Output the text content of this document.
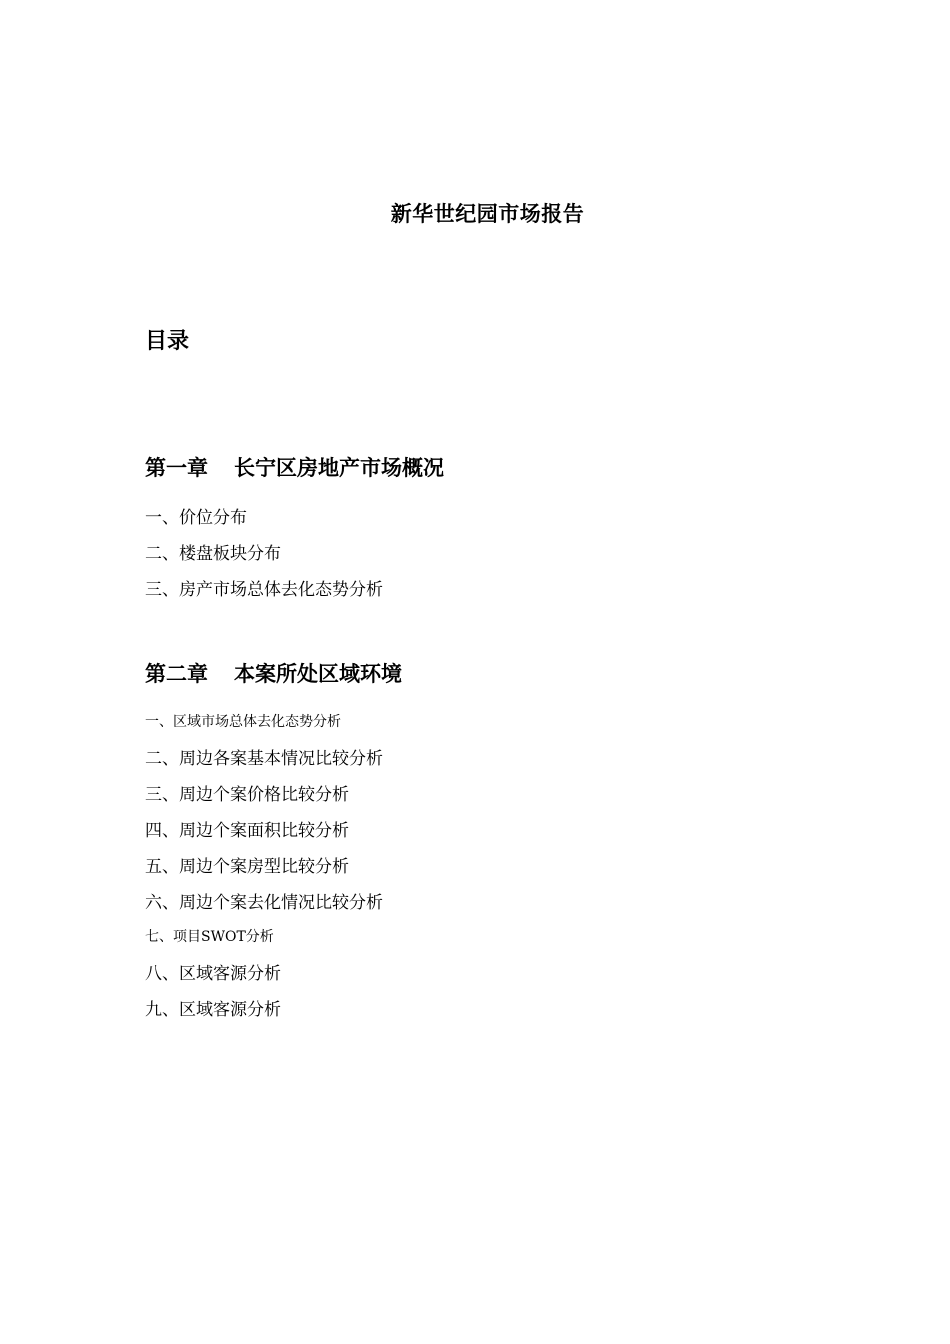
新华世纪园市场报告
目录
第一章 长宁区房地产市场概况
一、价位分布
二、楼盘板块分布
三、房产市场总体去化态势分析
第二章 本案所处区域环境
一、区域市场总体去化态势分析
二、周边各案基本情况比较分析
三、周边个案价格比较分析
四、周边个案面积比较分析
五、周边个案房型比较分析
六、周边个案去化情况比较分析
七、项目SWOT分析
八、区域客源分析
九、区域客源分析
